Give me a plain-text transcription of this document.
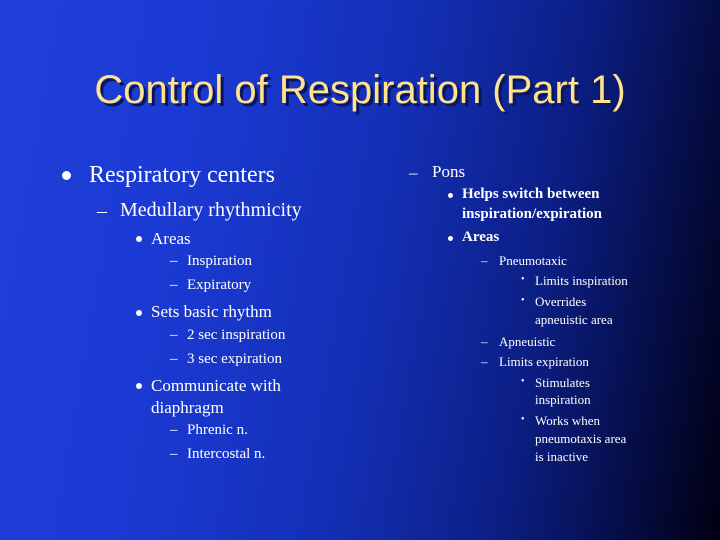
Control of Respiration (Part 1)
Respiratory centers
– Medullary rhythmicity
Areas
– Inspiration
– Expiratory
Sets basic rhythm
– 2 sec inspiration
– 3 sec expiration
Communicate with
diaphragm
– Phrenic n.
– Intercostal n.
– Pons
Helps switch between
inspiration/expiration
Areas
– Pneumotaxic
• Limits inspiration
• Overrides
apneuistic area
– Apneuistic
– Limits expiration
• Stimulates
inspiration
• Works when
pneumotaxis area
is inactive
